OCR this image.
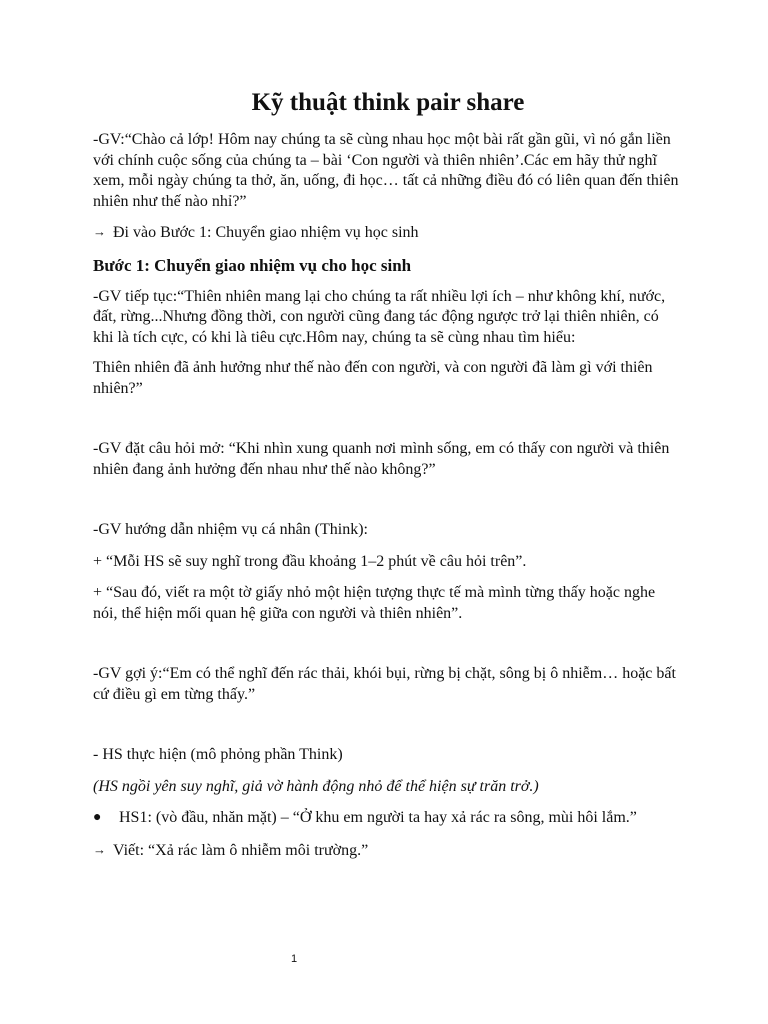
Kỹ thuật think pair share

-GV:“Chào cả lớp! Hôm nay chúng ta sẽ cùng nhau học một bài rất gần gũi, vì nó gắn liền với chính cuộc sống của chúng ta – bài ‘Con người và thiên nhiên’.Các em hãy thử nghĩ xem, mỗi ngày chúng ta thở, ăn, uống, đi học… tất cả những điều đó có liên quan đến thiên nhiên như thế nào nhỉ?”

→ Đi vào Bước 1: Chuyển giao nhiệm vụ học sinh

Bước 1: Chuyển giao nhiệm vụ cho học sinh

-GV tiếp tục:“Thiên nhiên mang lại cho chúng ta rất nhiều lợi ích – như không khí, nước, đất, rừng...Nhưng đồng thời, con người cũng đang tác động ngược trở lại thiên nhiên, có khi là tích cực, có khi là tiêu cực.Hôm nay, chúng ta sẽ cùng nhau tìm hiểu:

Thiên nhiên đã ảnh hưởng như thế nào đến con người, và con người đã làm gì với thiên nhiên?”

-GV đặt câu hỏi mở: “Khi nhìn xung quanh nơi mình sống, em có thấy con người và thiên nhiên đang ảnh hưởng đến nhau như thế nào không?”

-GV hướng dẫn nhiệm vụ cá nhân (Think):

+ “Mỗi HS sẽ suy nghĩ trong đầu khoảng 1–2 phút về câu hỏi trên”.

+ “Sau đó, viết ra một tờ giấy nhỏ một hiện tượng thực tế mà mình từng thấy hoặc nghe nói, thể hiện mối quan hệ giữa con người và thiên nhiên”.

-GV gợi ý:“Em có thể nghĩ đến rác thải, khói bụi, rừng bị chặt, sông bị ô nhiễm… hoặc bất cứ điều gì em từng thấy.”

- HS thực hiện (mô phỏng phần Think)

(HS ngồi yên suy nghĩ, giả vờ hành động nhỏ để thể hiện sự trăn trở.)

● HS1: (vò đầu, nhăn mặt) – “Ở khu em người ta hay xả rác ra sông, mùi hôi lắm.”

→ Viết: “Xả rác làm ô nhiễm môi trường.”

1
